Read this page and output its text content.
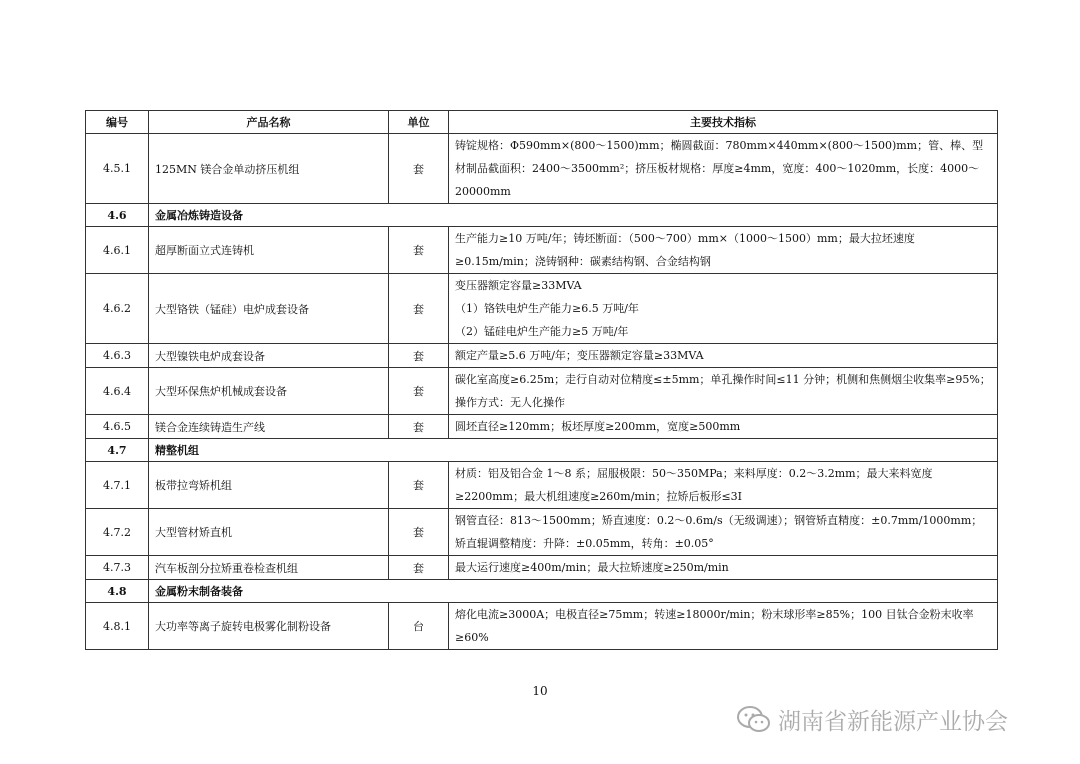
编号	产品名称	单位	主要技术指标
4.5.1	125MN 镁合金单动挤压机组	套	铸锭规格：Φ590mm×(800～1500)mm；椭圆截面：780mm×440mm×(800～1500)mm；管、棒、型材制品截面积：2400～3500mm²；挤压板材规格：厚度≥4mm，宽度：400～1020mm，长度：4000～20000mm
4.6	金属冶炼铸造设备		
4.6.1	超厚断面立式连铸机	套	生产能力≥10 万吨/年；铸坯断面：（500～700）mm×（1000～1500）mm；最大拉坯速度≥0.15m/min；浇铸钢种：碳素结构钢、合金结构钢
4.6.2	大型铬铁（锰硅）电炉成套设备	套	变压器额定容量≥33MVA
（1）铬铁电炉生产能力≥6.5 万吨/年
（2）锰硅电炉生产能力≥5 万吨/年

4.6.3	大型镍铁电炉成套设备	套	额定产量≥5.6 万吨/年；变压器额定容量≥33MVA
4.6.4	大型环保焦炉机械成套设备	套	碳化室高度≥6.25m；走行自动对位精度≤±5mm；单孔操作时间≤11 分钟；机侧和焦侧烟尘收集率≥95%；操作方式：无人化操作
4.6.5	镁合金连续铸造生产线	套	圆坯直径≥120mm；板坯厚度≥200mm，宽度≥500mm
4.7	精整机组		
4.7.1	板带拉弯矫机组	套	材质：铝及铝合金 1～8 系；屈服极限：50～350MPa；来料厚度：0.2～3.2mm；最大来料宽度≥2200mm；最大机组速度≥260m/min；拉矫后板形≤3I
4.7.2	大型管材矫直机	套	钢管直径：813～1500mm；矫直速度：0.2～0.6m/s（无级调速）；钢管矫直精度：±0.7mm/1000mm；矫直辊调整精度：升降：±0.05mm，转角：±0.05°
4.7.3	汽车板剖分拉矫重卷检查机组	套	最大运行速度≥400m/min；最大拉矫速度≥250m/min
4.8	金属粉末制备装备		
4.8.1	大功率等离子旋转电极雾化制粉设备	台	熔化电流≥3000A；电极直径≥75mm；转速≥18000r/min；粉末球形率≥85%；100 目钛合金粉末收率≥60%
10
湖南省新能源产业协会
